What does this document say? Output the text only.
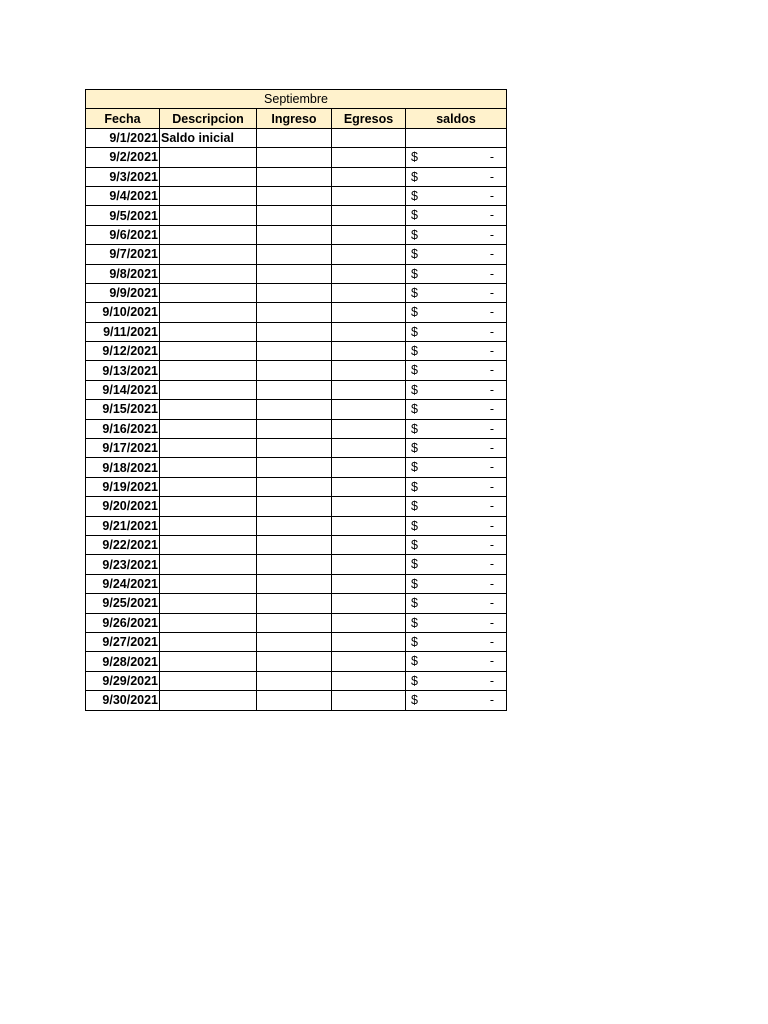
Septiembre				
Fecha	Descripcion	Ingreso	Egresos	saldos
9/1/2021	Saldo inicial			

9/2/2021				$ -

9/3/2021				$ -

9/4/2021				$ -

9/5/2021				$ -

9/6/2021				$ -

9/7/2021				$ -

9/8/2021				$ -

9/9/2021				$ -

9/10/2021				$ -

9/11/2021				$ -

9/12/2021				$ -

9/13/2021				$ -

9/14/2021				$ -

9/15/2021				$ -

9/16/2021				$ -

9/17/2021				$ -

9/18/2021				$ -

9/19/2021				$ -

9/20/2021				$ -

9/21/2021				$ -

9/22/2021				$ -

9/23/2021				$ -

9/24/2021				$ -

9/25/2021				$ -

9/26/2021				$ -

9/27/2021				$ -

9/28/2021				$ -

9/29/2021				$ -

9/30/2021				$ -
